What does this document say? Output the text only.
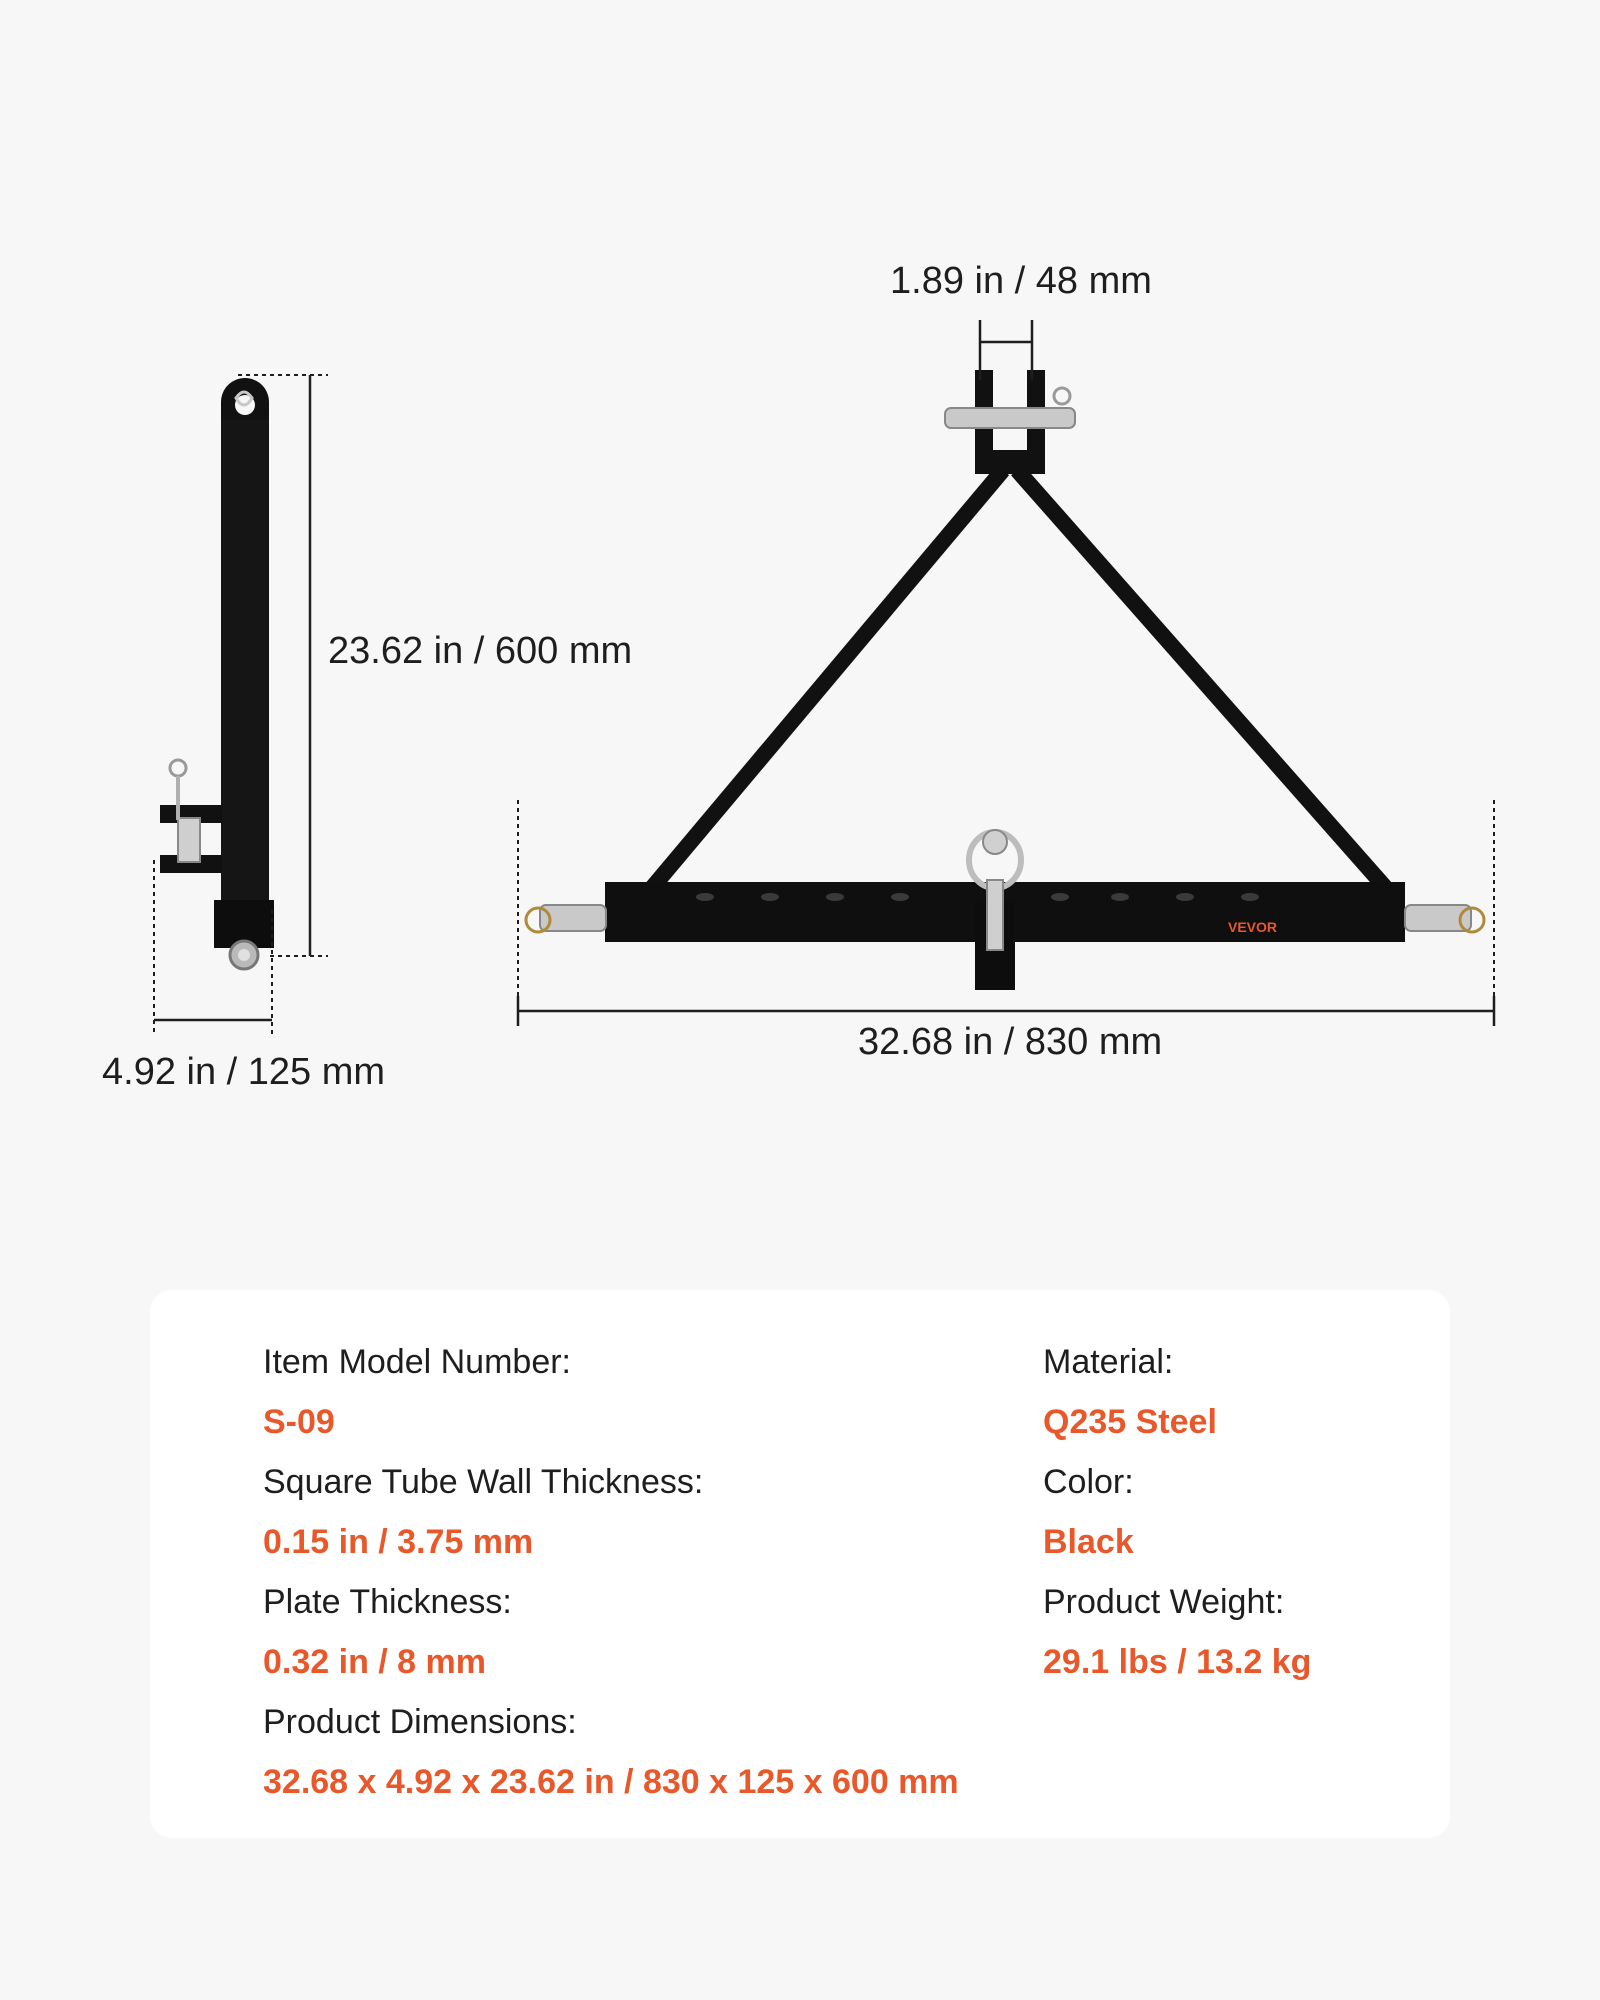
VEVOR
1.89 in / 48 mm
23.62 in / 600 mm
4.92 in / 125 mm
32.68 in / 830 mm
Item Model Number:
S-09
Square Tube Wall Thickness:
0.15 in / 3.75 mm
Plate Thickness:
0.32 in / 8 mm
Product Dimensions:
32.68 x 4.92 x 23.62 in / 830 x 125 x 600 mm
Material:
Q235 Steel
Color:
Black
Product Weight:
29.1 lbs / 13.2 kg
